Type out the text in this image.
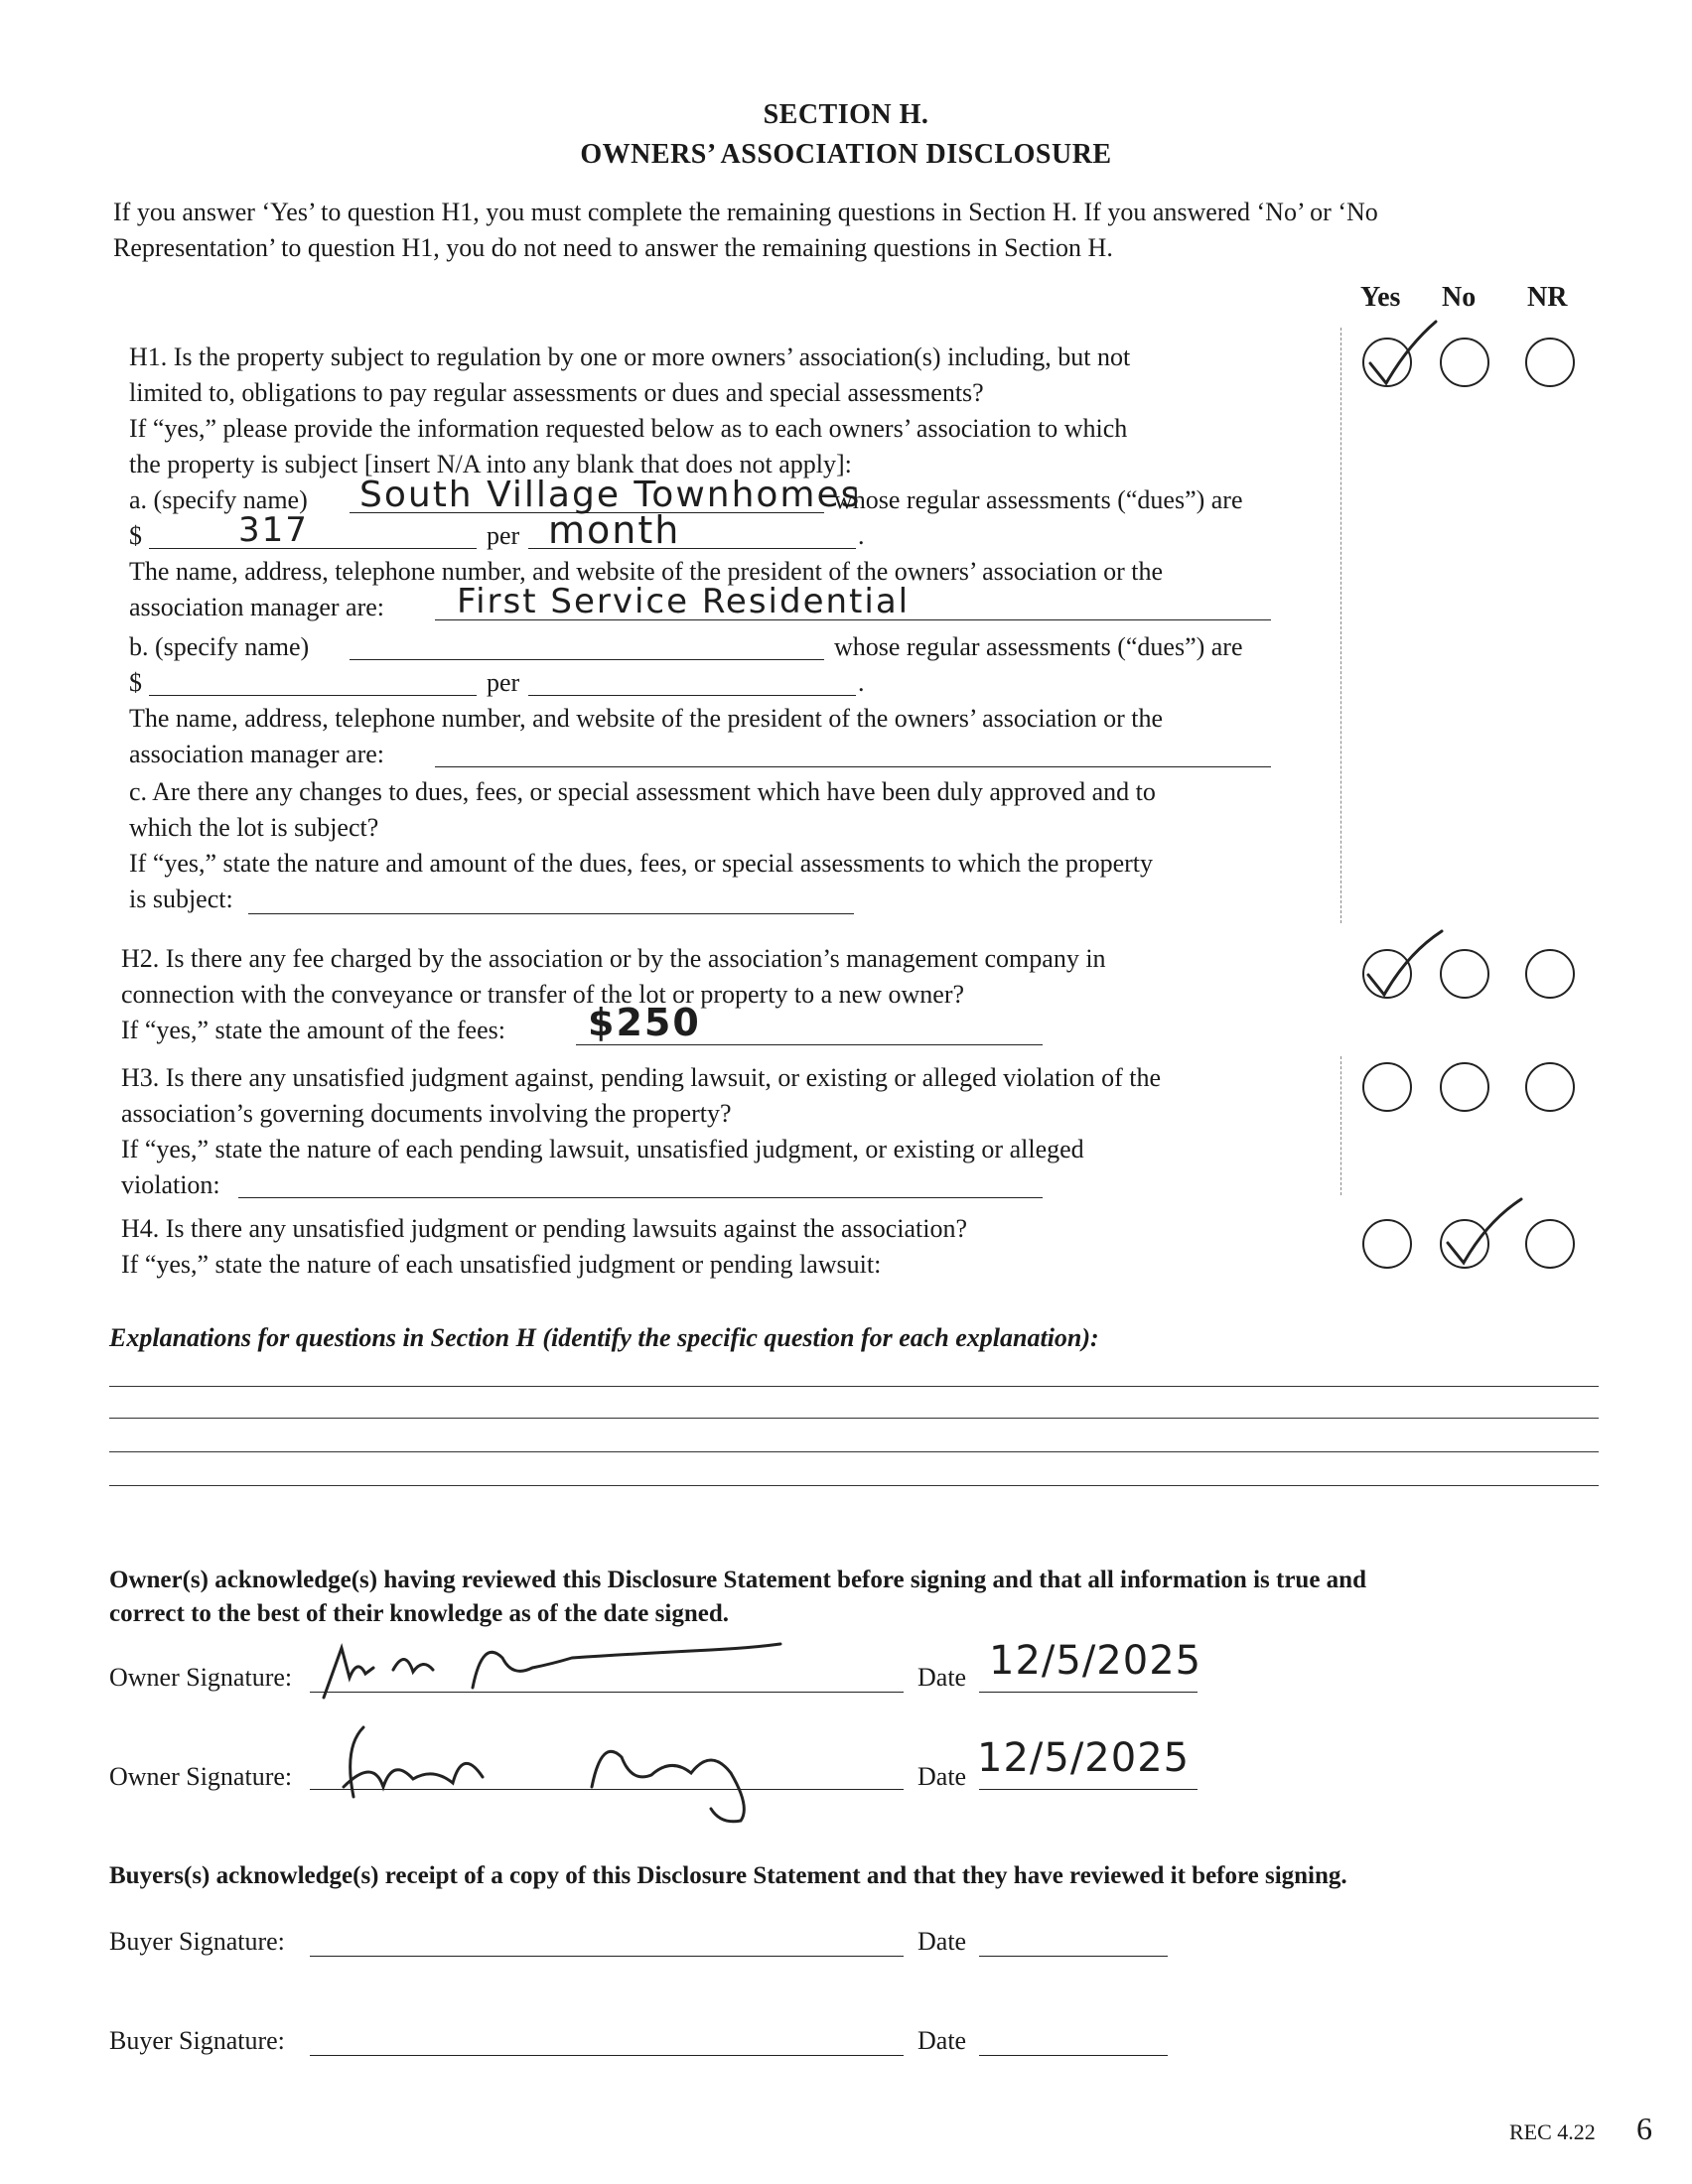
SECTION H.
OWNERS’ ASSOCIATION DISCLOSURE
If you answer ‘Yes’ to question H1, you must complete the remaining questions in Section H. If you answered ‘No’ or ‘No
Representation’ to question H1, you do not need to answer the remaining questions in Section H.
Yes No NR
H1. Is the property subject to regulation by one or more owners’ association(s) including, but not
limited to, obligations to pay regular assessments or dues and special assessments?
If “yes,” please provide the information requested below as to each owners’ association to which
the property is subject [insert N/A into any blank that does not apply]:
a. (specify name) South Village Townhomes
whose regular assessments (“dues”) are
$	317	per month	.
The name, address, telephone number, and website of the president of the owners’ association or the
association manager are: First Service Residential
b. (specify name)	whose regular assessments (“dues”) are
$	per	.
The name, address, telephone number, and website of the president of the owners’ association or the
association manager are:
c. Are there any changes to dues, fees, or special assessment which have been duly approved and to
which the lot is subject?
If “yes,” state the nature and amount of the dues, fees, or special assessments to which the property
is subject:
H2. Is there any fee charged by the association or by the association’s management company in
connection with the conveyance or transfer of the lot or property to a new owner?
If “yes,” state the amount of the fees: $250
H3. Is there any unsatisfied judgment against, pending lawsuit, or existing or alleged violation of the
association’s governing documents involving the property?
If “yes,” state the nature of each pending lawsuit, unsatisfied judgment, or existing or alleged
violation:
H4. Is there any unsatisfied judgment or pending lawsuits against the association?
If “yes,” state the nature of each unsatisfied judgment or pending lawsuit:
Explanations for questions in Section H (identify the specific question for each explanation):
Owner(s) acknowledge(s) having reviewed this Disclosure Statement before signing and that all information is true and
correct to the best of their knowledge as of the date signed.
Owner Signature:	Date 12/5/2025
Owner Signature:	Date 12/5/2025
Buyers(s) acknowledge(s) receipt of a copy of this Disclosure Statement and that they have reviewed it before signing.
Buyer Signature:	Date
Buyer Signature:	Date
REC 4.22 6
